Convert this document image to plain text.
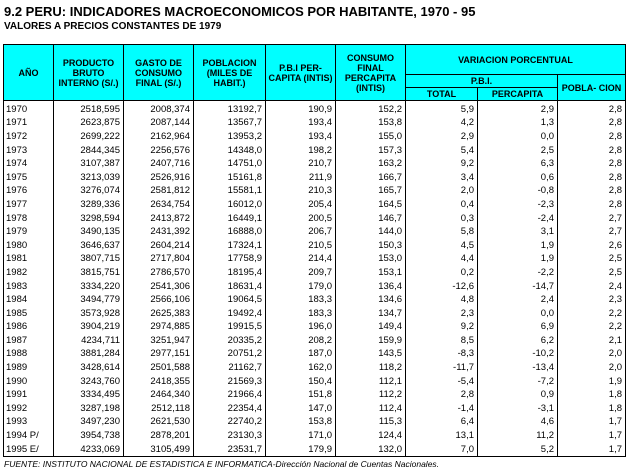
9.2 PERU: INDICADORES MACROECONOMICOS POR HABITANTE, 1970 - 95
VALORES A PRECIOS CONSTANTES DE 1979
AÑO	PRODUCTO BRUTO INTERNO (S/.)	GASTO DE CONSUMO FINAL (S/.)	POBLACION (MILES DE HABIT.)	P.B.I PER-CAPITA (INTIS)	CONSUMO FINAL PERCAPITA (INTIS)	VARIACION PORCENTUAL		
						P.B.I.		POBLA- CION
						TOTAL	PERCAPITA	
1970	2518,595	2008,374	13192,7	190,9	152,2	5,9	2,9	2,8
1971	2623,875	2087,144	13567,7	193,4	153,8	4,2	1,3	2,8
1972	2699,222	2162,964	13953,2	193,4	155,0	2,9	0,0	2,8
1973	2844,345	2256,576	14348,0	198,2	157,3	5,4	2,5	2,8
1974	3107,387	2407,716	14751,0	210,7	163,2	9,2	6,3	2,8
1975	3213,039	2526,916	15161,8	211,9	166,7	3,4	0,6	2,8
1976	3276,074	2581,812	15581,1	210,3	165,7	2,0	-0,8	2,8
1977	3289,336	2634,754	16012,0	205,4	164,5	0,4	-2,3	2,8
1978	3298,594	2413,872	16449,1	200,5	146,7	0,3	-2,4	2,7
1979	3490,135	2431,392	16888,0	206,7	144,0	5,8	3,1	2,7
1980	3646,637	2604,214	17324,1	210,5	150,3	4,5	1,9	2,6
1981	3807,715	2717,804	17758,9	214,4	153,0	4,4	1,9	2,5
1982	3815,751	2786,570	18195,4	209,7	153,1	0,2	-2,2	2,5
1983	3334,220	2541,306	18631,4	179,0	136,4	-12,6	-14,7	2,4
1984	3494,779	2566,106	19064,5	183,3	134,6	4,8	2,4	2,3
1985	3573,928	2625,383	19492,4	183,3	134,7	2,3	0,0	2,2
1986	3904,219	2974,885	19915,5	196,0	149,4	9,2	6,9	2,2
1987	4234,711	3251,947	20335,2	208,2	159,9	8,5	6,2	2,1
1988	3881,284	2977,151	20751,2	187,0	143,5	-8,3	-10,2	2,0
1989	3428,614	2501,588	21162,7	162,0	118,2	-11,7	-13,4	2,0
1990	3243,760	2418,355	21569,3	150,4	112,1	-5,4	-7,2	1,9
1991	3334,495	2464,340	21966,4	151,8	112,2	2,8	0,9	1,8
1992	3287,198	2512,118	22354,4	147,0	112,4	-1,4	-3,1	1,8
1993	3497,230	2621,530	22740,2	153,8	115,3	6,4	4,6	1,7
1994 P/	3954,738	2878,201	23130,3	171,0	124,4	13,1	11,2	1,7
1995 E/	4233,069	3105,499	23531,7	179,9	132,0	7,0	5,2	1,7
FUENTE: INSTITUTO NACIONAL DE ESTADISTICA E INFORMATICA-Dirección Nacional de Cuentas Nacionales.
